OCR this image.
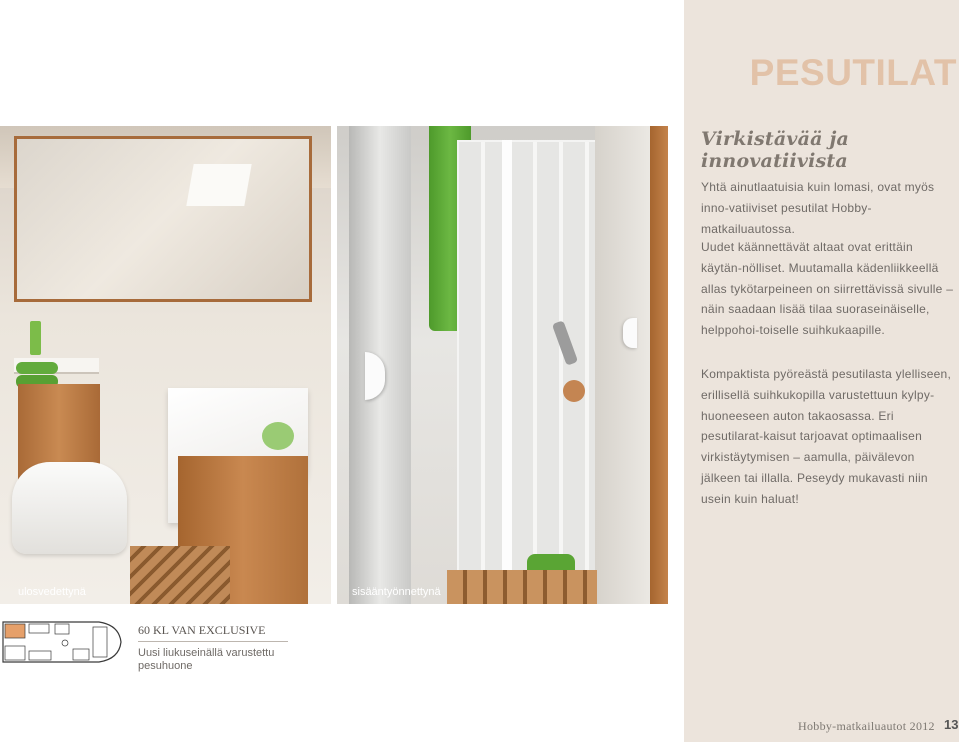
PESUTILAT
Virkistävää ja innovatiivista

Yhtä ainutlaatuisia kuin lomasi, ovat myös inno-vatiiviset pesutilat Hobby-matkailuautossa.

Uudet käännettävät altaat ovat erittäin käytän-nölliset. Muutamalla kädenliikkeellä allas tykötarpeineen on siirrettävissä sivulle – näin saadaan lisää tilaa suoraseinäiselle, helppohoi-toiselle suihkukaapille.

Kompaktista pyöreästä pesutilasta ylelliseen, erillisellä suihkukopilla varustettuun kylpy-huoneeseen auton takaosassa. Eri pesutilarat-kaisut tarjoavat optimaalisen virkistäytymisen – aamulla, päivälevon jälkeen tai illalla. Peseydy mukavasti niin usein kuin haluat!

ulosvedettynä	sisääntyönnettynä
60 KL VAN EXCLUSIVE
Uusi liukuseinällä varustettu pesuhuone
Hobby-matkailuautot 2012 13
